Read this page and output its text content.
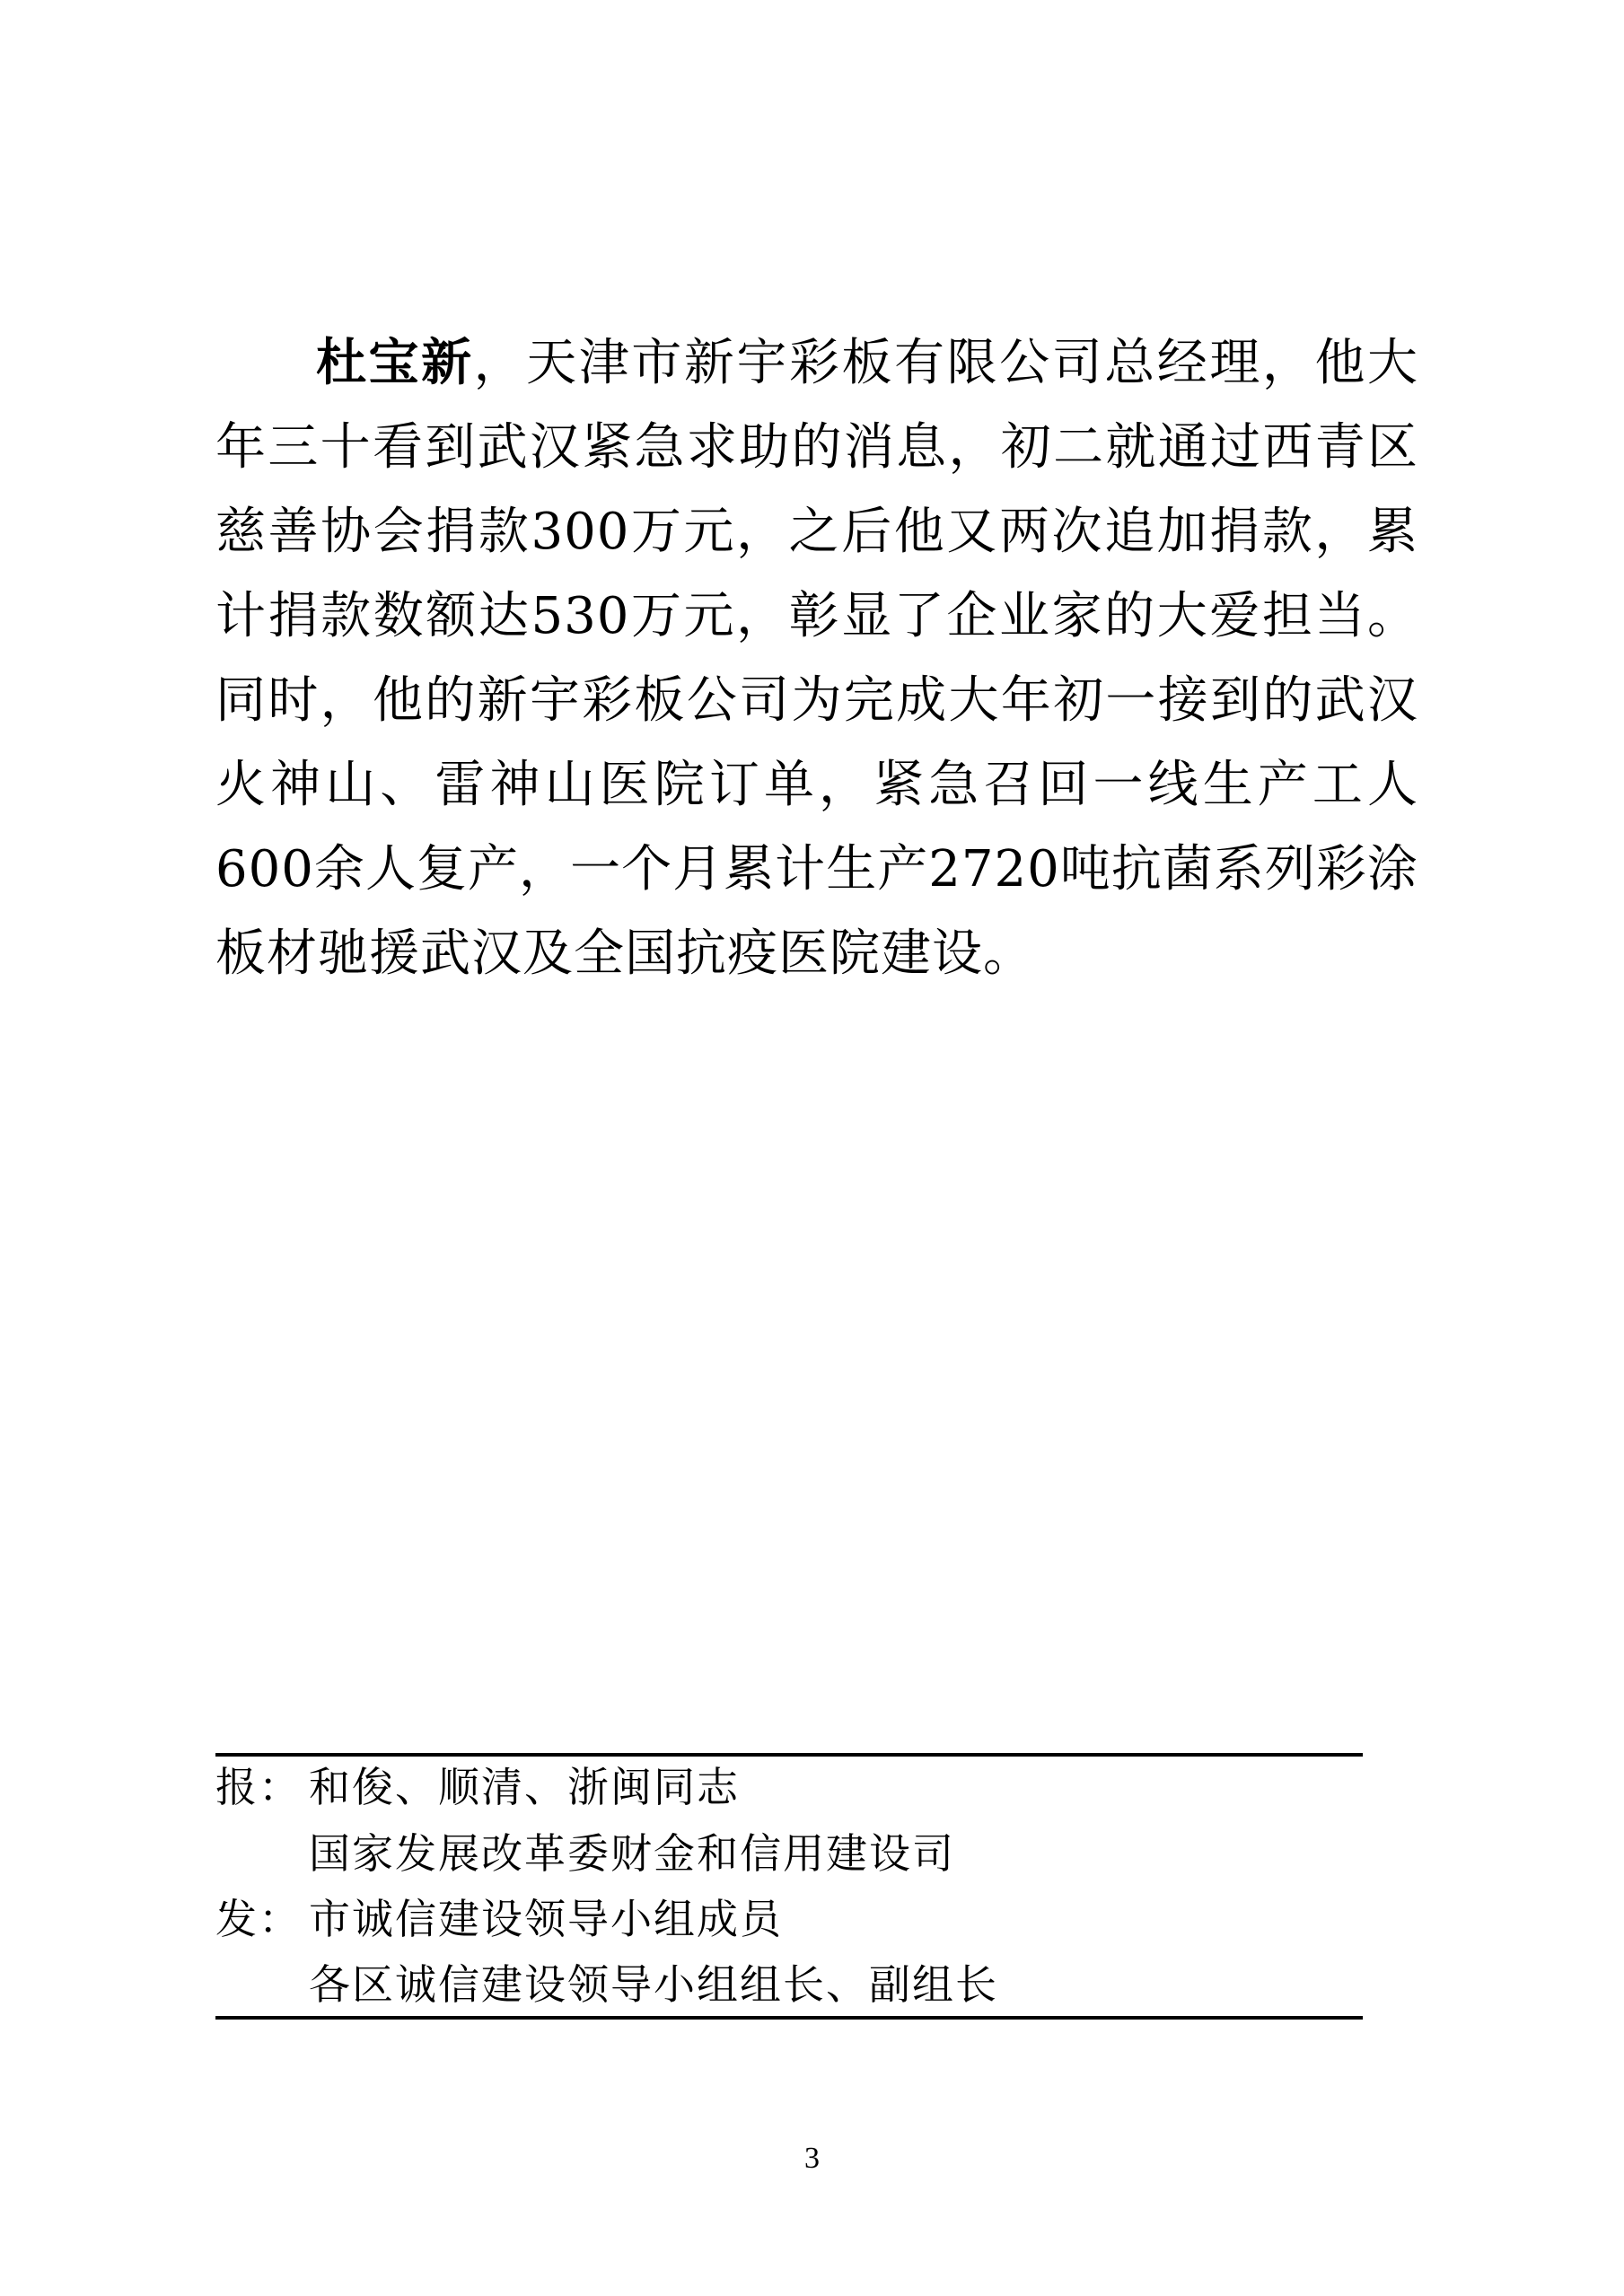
杜宝新，天津市新宇彩板有限公司总经理，他大年三十看到武汉紧急求助的消息，初二就通过西青区慈善协会捐款300万元，之后他又两次追加捐款，累计捐款数额达530万元，彰显了企业家的大爱担当。同时，他的新宇彩板公司为完成大年初一接到的武汉火神山、雷神山医院订单，紧急召回一线生产工人600余人复产，一个月累计生产2720吨抗菌系列彩涂板材驰援武汉及全国抗疫医院建设。

报： 和俊、顺清、浙闽同志
国家发展改革委财金和信用建设司
发： 市诚信建设领导小组成员
各区诚信建设领导小组组长、副组长
3
